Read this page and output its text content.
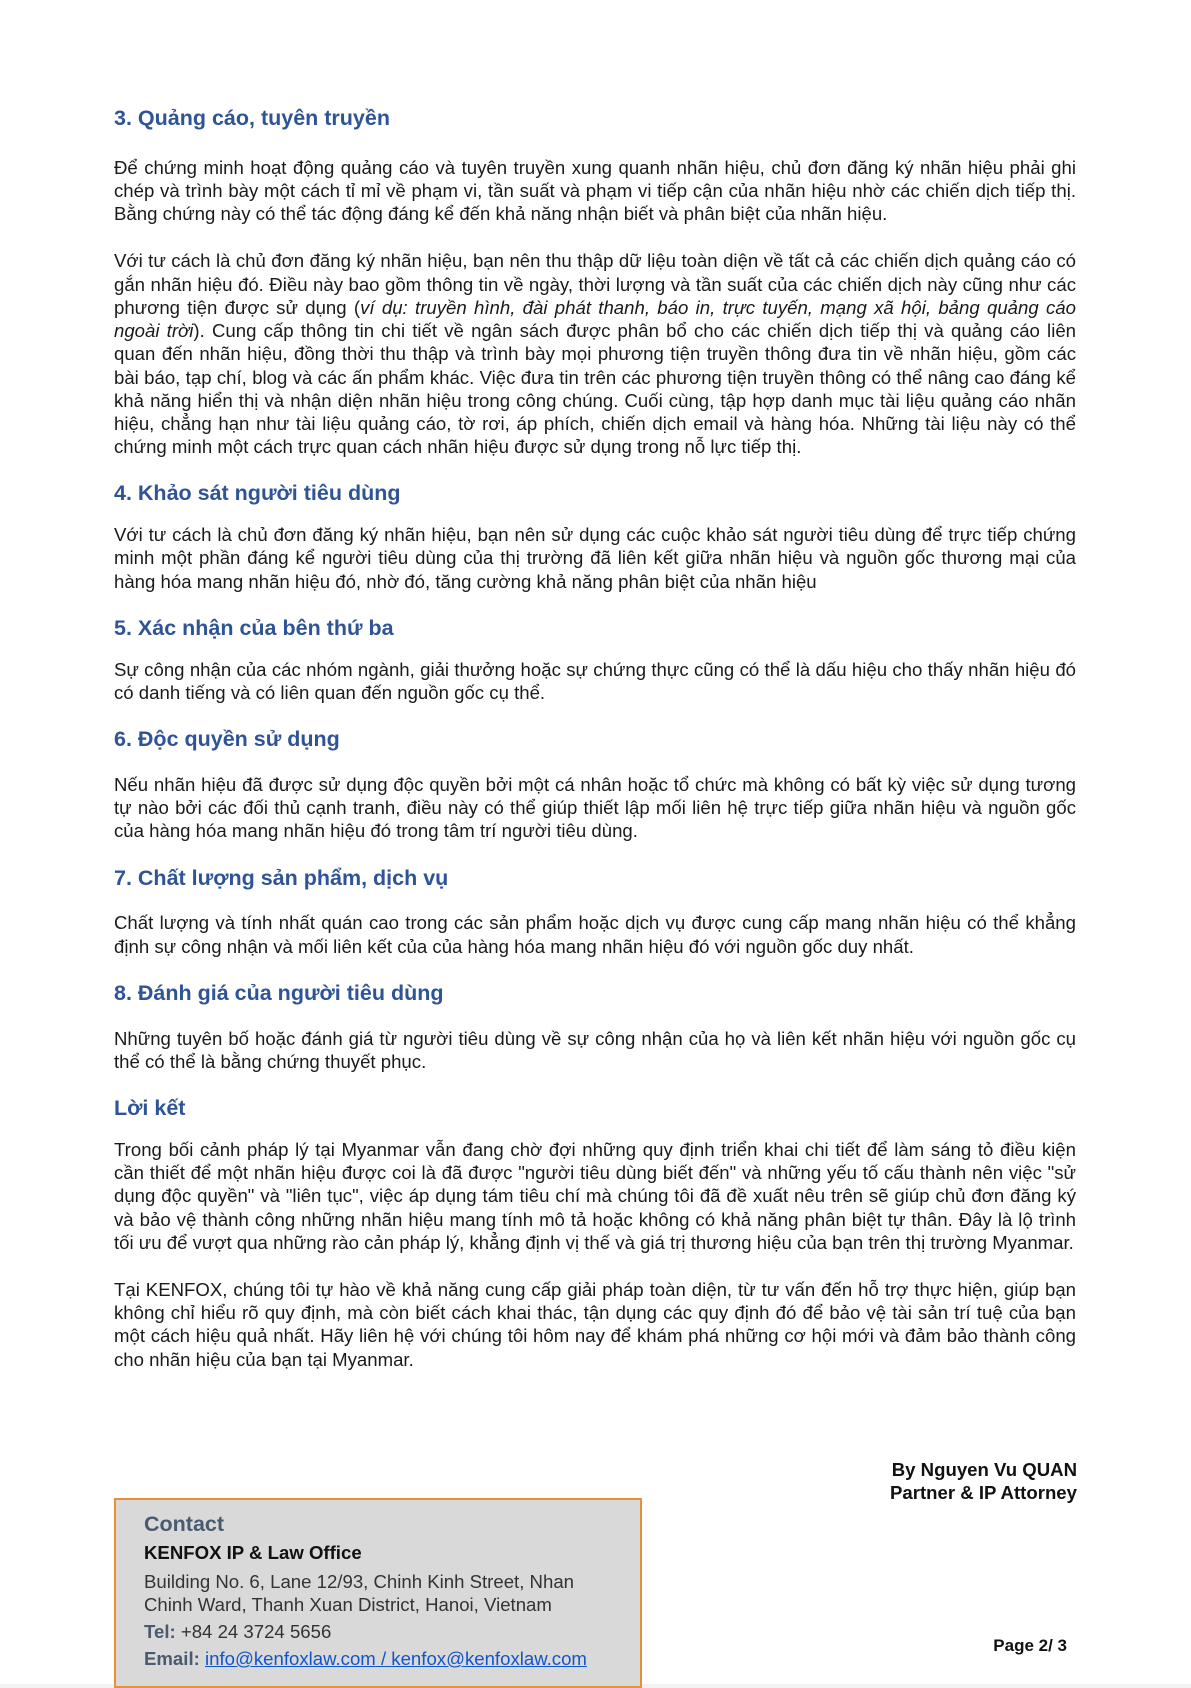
3. Quảng cáo, tuyên truyền

Để chứng minh hoạt động quảng cáo và tuyên truyền xung quanh nhãn hiệu, chủ đơn đăng ký nhãn hiệu phải ghi chép và trình bày một cách tỉ mỉ về phạm vi, tần suất và phạm vi tiếp cận của nhãn hiệu nhờ các chiến dịch tiếp thị. Bằng chứng này có thể tác động đáng kể đến khả năng nhận biết và phân biệt của nhãn hiệu.

Với tư cách là chủ đơn đăng ký nhãn hiệu, bạn nên thu thập dữ liệu toàn diện về tất cả các chiến dịch quảng cáo có gắn nhãn hiệu đó. Điều này bao gồm thông tin về ngày, thời lượng và tần suất của các chiến dịch này cũng như các phương tiện được sử dụng (ví dụ: truyền hình, đài phát thanh, báo in, trực tuyến, mạng xã hội, bảng quảng cáo ngoài trời). Cung cấp thông tin chi tiết về ngân sách được phân bổ cho các chiến dịch tiếp thị và quảng cáo liên quan đến nhãn hiệu, đồng thời thu thập và trình bày mọi phương tiện truyền thông đưa tin về nhãn hiệu, gồm các bài báo, tạp chí, blog và các ấn phẩm khác. Việc đưa tin trên các phương tiện truyền thông có thể nâng cao đáng kể khả năng hiển thị và nhận diện nhãn hiệu trong công chúng. Cuối cùng, tập hợp danh mục tài liệu quảng cáo nhãn hiệu, chẳng hạn như tài liệu quảng cáo, tờ rơi, áp phích, chiến dịch email và hàng hóa. Những tài liệu này có thể chứng minh một cách trực quan cách nhãn hiệu được sử dụng trong nỗ lực tiếp thị.

4. Khảo sát người tiêu dùng

Với tư cách là chủ đơn đăng ký nhãn hiệu, bạn nên sử dụng các cuộc khảo sát người tiêu dùng để trực tiếp chứng minh một phần đáng kể người tiêu dùng của thị trường đã liên kết giữa nhãn hiệu và nguồn gốc thương mại của hàng hóa mang nhãn hiệu đó, nhờ đó, tăng cường khả năng phân biệt của nhãn hiệu

5. Xác nhận của bên thứ ba

Sự công nhận của các nhóm ngành, giải thưởng hoặc sự chứng thực cũng có thể là dấu hiệu cho thấy nhãn hiệu đó có danh tiếng và có liên quan đến nguồn gốc cụ thể.

6. Độc quyền sử dụng

Nếu nhãn hiệu đã được sử dụng độc quyền bởi một cá nhân hoặc tổ chức mà không có bất kỳ việc sử dụng tương tự nào bởi các đối thủ cạnh tranh, điều này có thể giúp thiết lập mối liên hệ trực tiếp giữa nhãn hiệu và nguồn gốc của hàng hóa mang nhãn hiệu đó trong tâm trí người tiêu dùng.

7. Chất lượng sản phẩm, dịch vụ

Chất lượng và tính nhất quán cao trong các sản phẩm hoặc dịch vụ được cung cấp mang nhãn hiệu có thể khẳng định sự công nhận và mối liên kết của của hàng hóa mang nhãn hiệu đó với nguồn gốc duy nhất.

8. Đánh giá của người tiêu dùng

Những tuyên bố hoặc đánh giá từ người tiêu dùng về sự công nhận của họ và liên kết nhãn hiệu với nguồn gốc cụ thể có thể là bằng chứng thuyết phục.

Lời kết

Trong bối cảnh pháp lý tại Myanmar vẫn đang chờ đợi những quy định triển khai chi tiết để làm sáng tỏ điều kiện cần thiết để một nhãn hiệu được coi là đã được "người tiêu dùng biết đến" và những yếu tố cấu thành nên việc "sử dụng độc quyền" và "liên tục", việc áp dụng tám tiêu chí mà chúng tôi đã đề xuất nêu trên sẽ giúp chủ đơn đăng ký và bảo vệ thành công những nhãn hiệu mang tính mô tả hoặc không có khả năng phân biệt tự thân. Đây là lộ trình tối ưu để vượt qua những rào cản pháp lý, khẳng định vị thế và giá trị thương hiệu của bạn trên thị trường Myanmar.

Tại KENFOX, chúng tôi tự hào về khả năng cung cấp giải pháp toàn diện, từ tư vấn đến hỗ trợ thực hiện, giúp bạn không chỉ hiểu rõ quy định, mà còn biết cách khai thác, tận dụng các quy định đó để bảo vệ tài sản trí tuệ của bạn một cách hiệu quả nhất. Hãy liên hệ với chúng tôi hôm nay để khám phá những cơ hội mới và đảm bảo thành công cho nhãn hiệu của bạn tại Myanmar.

By Nguyen Vu QUAN
Partner & IP Attorney
Contact
KENFOX IP & Law Office
Building No. 6, Lane 12/93, Chinh Kinh Street, Nhan
Chinh Ward, Thanh Xuan District, Hanoi, Vietnam
Tel: +84 24 3724 5656
Email: info@kenfoxlaw.com / kenfox@kenfoxlaw.com
Page 2/ 3
